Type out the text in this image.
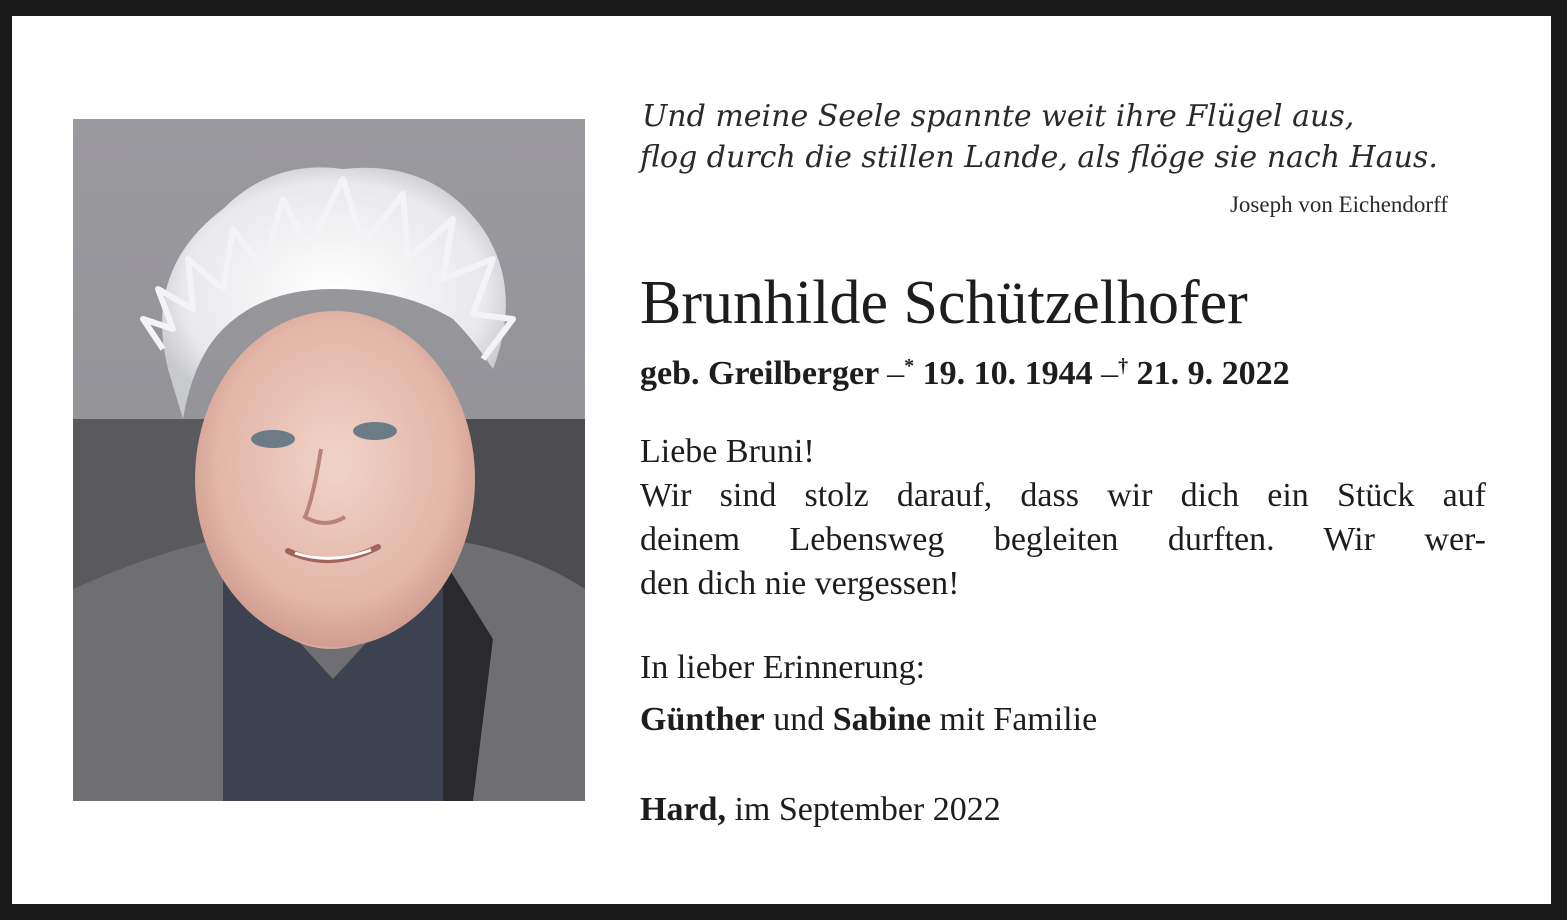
Und meine Seele spannte weit ihre Flügel aus,
flog durch die stillen Lande, als flöge sie nach Haus.
Joseph von Eichendorff
Brunhilde Schützelhofer
geb. Greilberger –* 19. 10. 1944 –† 21. 9. 2022
Liebe Bruni!
Wir sind stolz darauf, dass wir dich ein Stück auf
deinem Lebensweg begleiten durften. Wir wer-
den dich nie vergessen!
In lieber Erinnerung:
Günther und Sabine mit Familie
Hard, im September 2022
